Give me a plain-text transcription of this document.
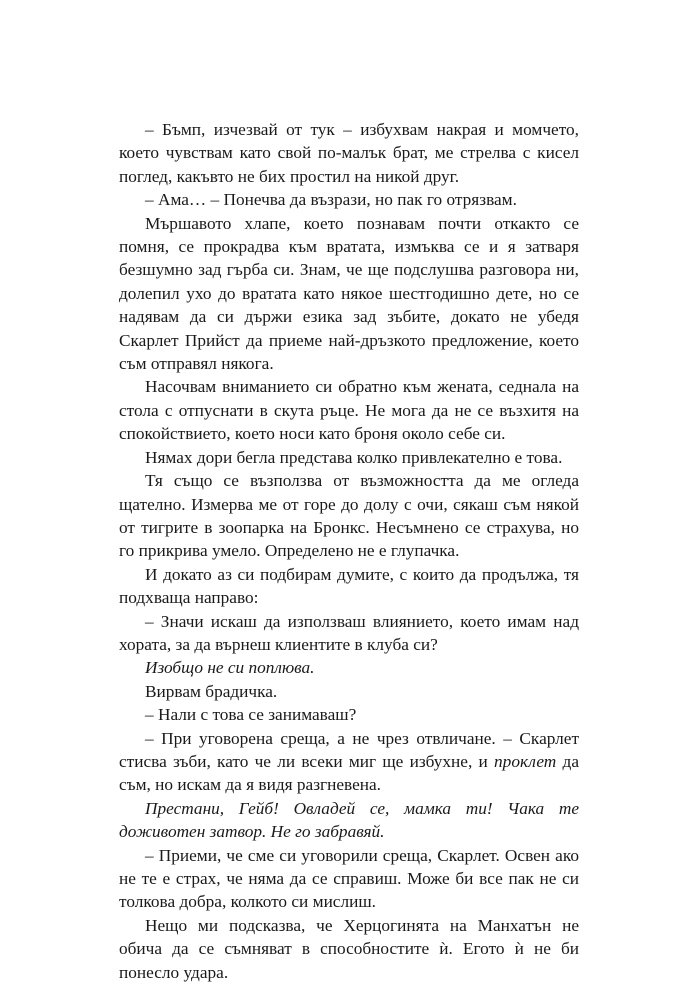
– Бъмп, изчезвай от тук – избухвам накрая и момчето, което чувствам като свой по-малък брат, ме стрелва с кисел поглед, какъвто не бих простил на никой друг.

– Ама… – Понечва да възрази, но пак го отрязвам.

Мършавото хлапе, което познавам почти откакто се помня, се прокрадва към вратата, измъква се и я затваря безшумно зад гърба си. Знам, че ще подслушва разговора ни, долепил ухо до вратата като някое шестгодишно дете, но се надявам да си държи езика зад зъбите, докато не убедя Скарлет Прийст да приеме най-дръзкото предложение, което съм отправял някога.

Насочвам вниманието си обратно към жената, седнала на стола с отпуснати в скута ръце. Не мога да не се възхитя на спокойствието, което носи като броня около себе си.

Нямах дори бегла представа колко привлекателно е това.

Тя също се възползва от възможността да ме огледа щателно. Измерва ме от горе до долу с очи, сякаш съм някой от тигрите в зоопарка на Бронкс. Несъмнено се страхува, но го прикрива умело. Определено не е глупачка.

И докато аз си подбирам думите, с които да продължа, тя подхваща направо:

– Значи искаш да използваш влиянието, което имам над хората, за да върнеш клиентите в клуба си?

Изобщо не си поплюва.

Вирвам брадичка.

– Нали с това се занимаваш?

– При уговорена среща, а не чрез отвличане. – Скарлет стисва зъби, като че ли всеки миг ще избухне, и проклет да съм, но искам да я видя разгневена.

Престани, Гейб! Овладей се, мамка ти! Чака те доживотен затвор. Не го забравяй.

– Приеми, че сме си уговорили среща, Скарлет. Освен ако не те е страх, че няма да се справиш. Може би все пак не си толкова добра, колкото си мислиш.

Нещо ми подсказва, че Херцогинята на Манхатън не обича да се съмняват в способностите ѝ. Егото ѝ не би понесло удара.
